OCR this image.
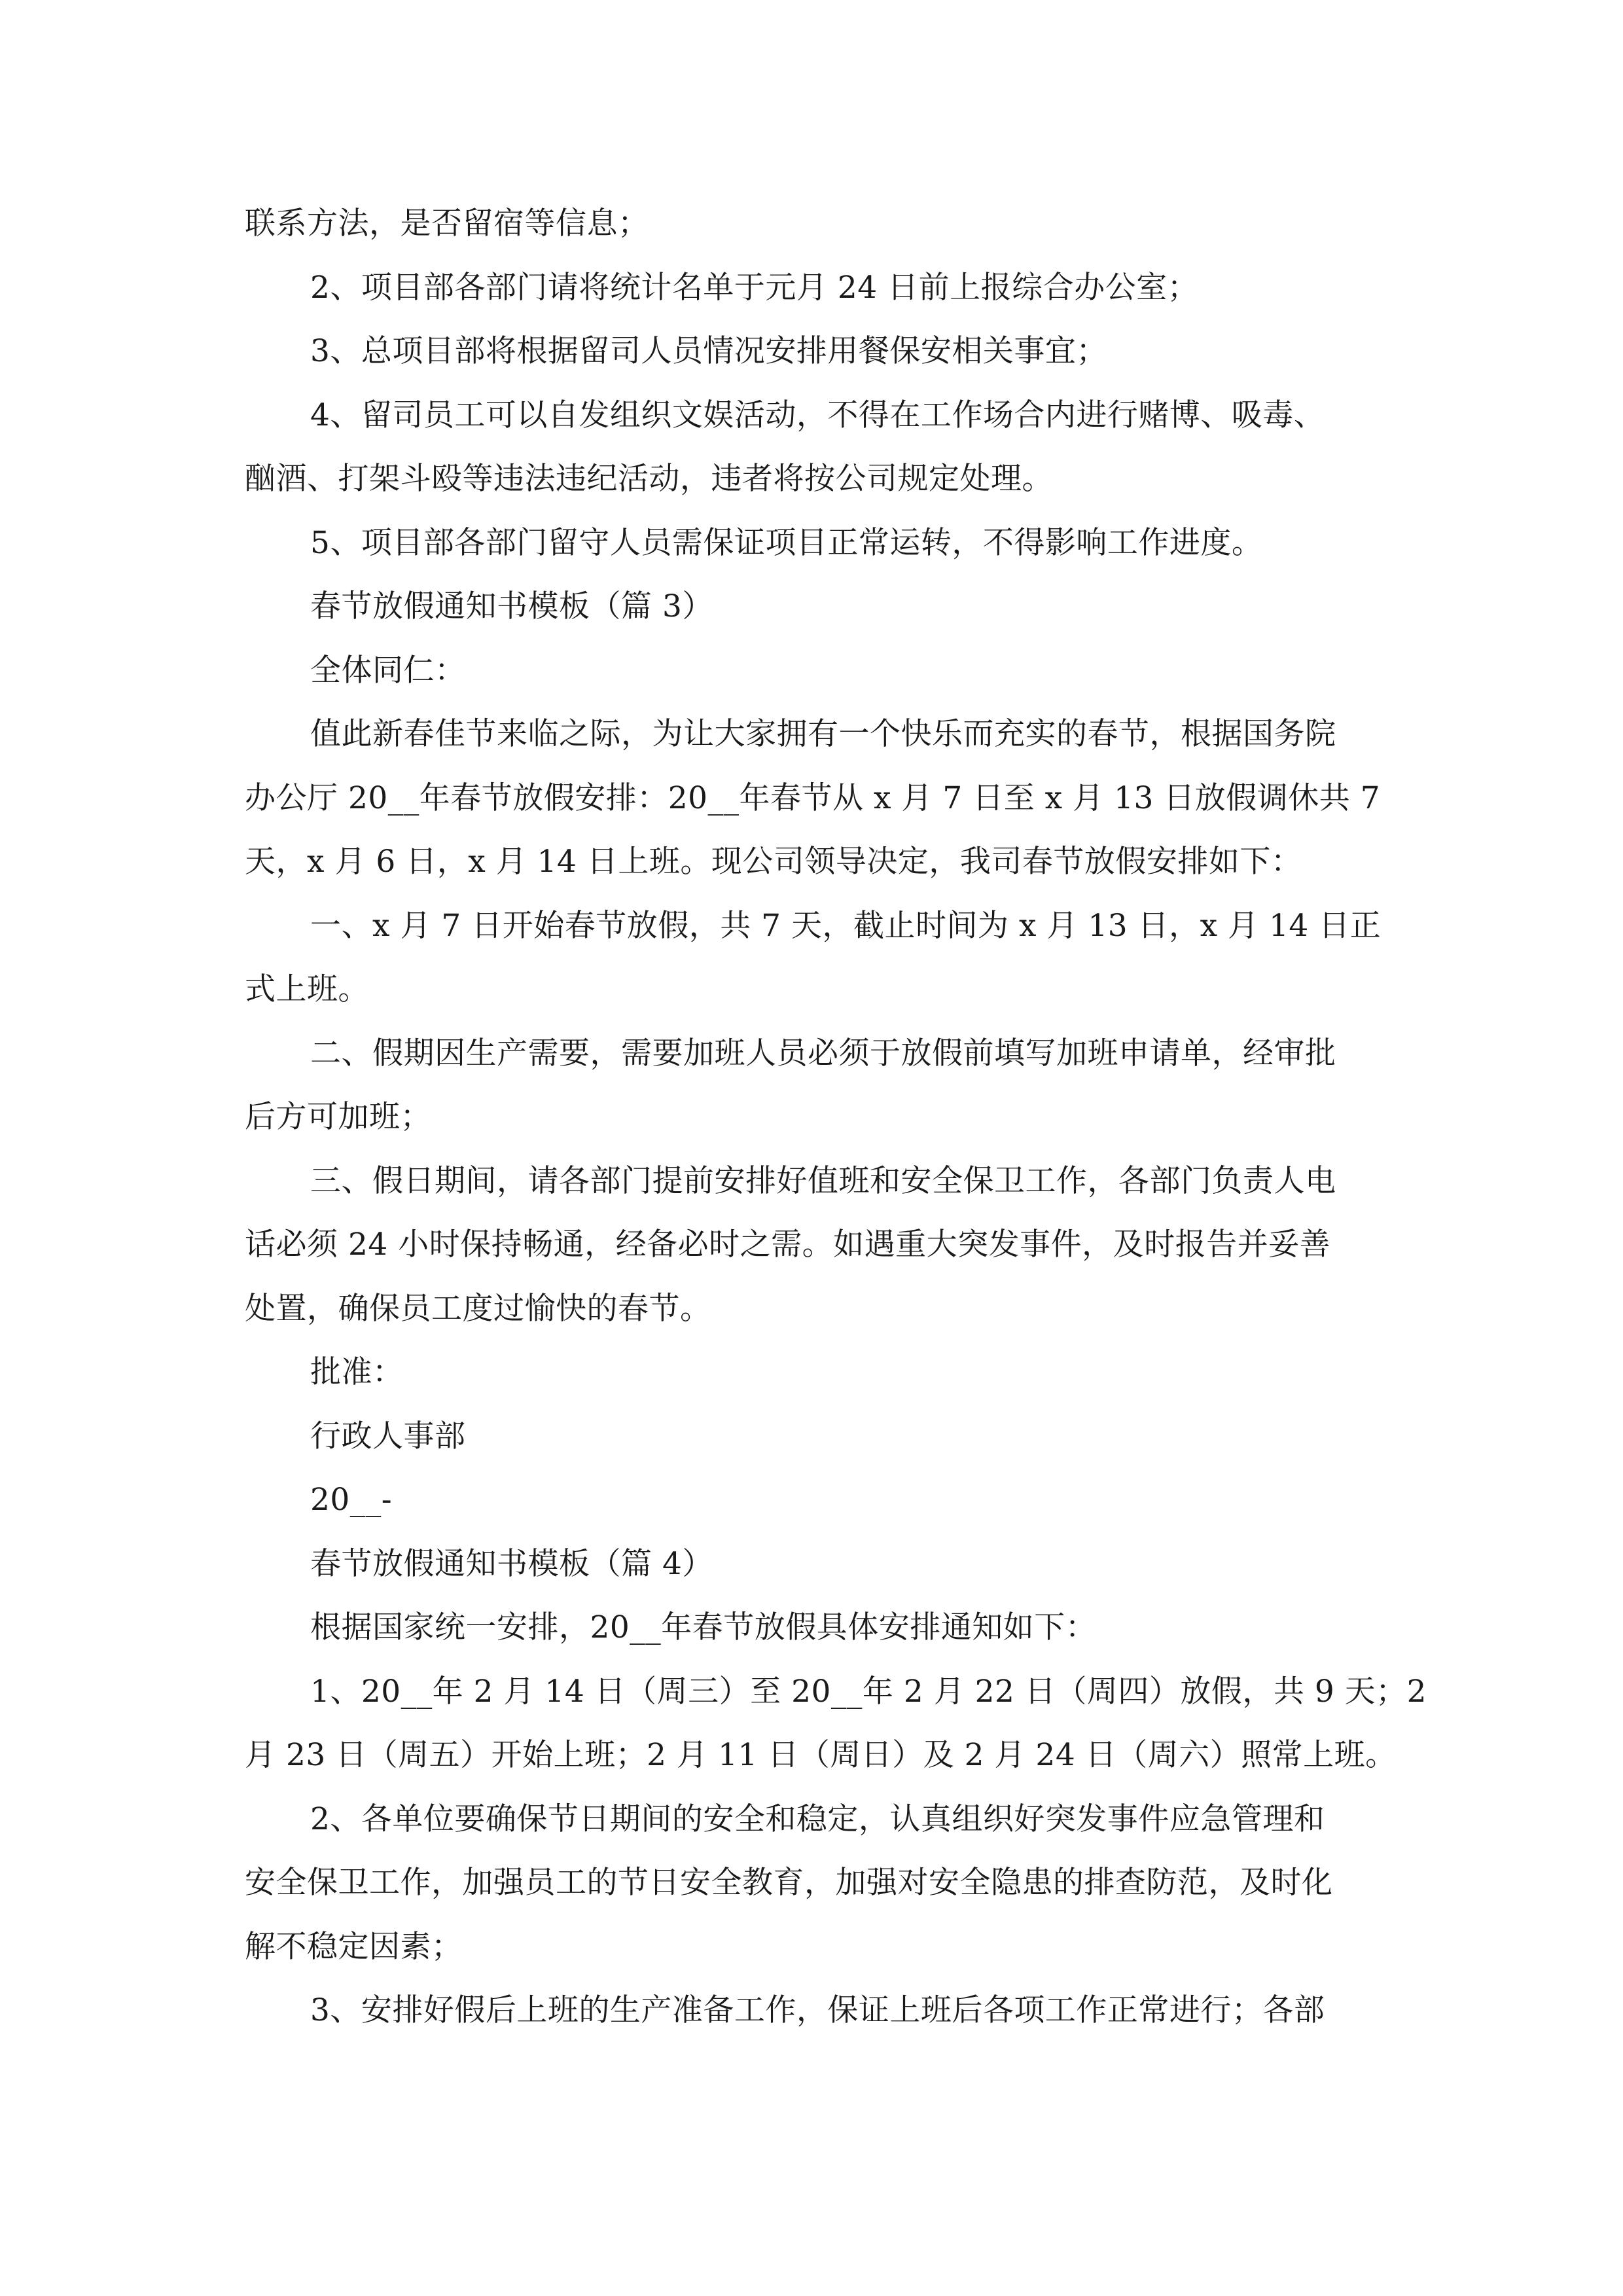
联系方法，是否留宿等信息；
2、项目部各部门请将统计名单于元月 24 日前上报综合办公室；
3、总项目部将根据留司人员情况安排用餐保安相关事宜；
4、留司员工可以自发组织文娱活动，不得在工作场合内进行赌博、吸毒、
酗酒、打架斗殴等违法违纪活动，违者将按公司规定处理。
5、项目部各部门留守人员需保证项目正常运转，不得影响工作进度。
春节放假通知书模板（篇 3）
全体同仁：
值此新春佳节来临之际，为让大家拥有一个快乐而充实的春节，根据国务院
办公厅 20__年春节放假安排：20__年春节从 x 月 7 日至 x 月 13 日放假调休共 7
天，x 月 6 日，x 月 14 日上班。现公司领导决定，我司春节放假安排如下：
一、x 月 7 日开始春节放假，共 7 天，截止时间为 x 月 13 日，x 月 14 日正
式上班。
二、假期因生产需要，需要加班人员必须于放假前填写加班申请单，经审批
后方可加班；
三、假日期间，请各部门提前安排好值班和安全保卫工作，各部门负责人电
话必须 24 小时保持畅通，经备必时之需。如遇重大突发事件，及时报告并妥善
处置，确保员工度过愉快的春节。
批准：
行政人事部
20__-
春节放假通知书模板（篇 4）
根据国家统一安排，20__年春节放假具体安排通知如下：
1、20__年 2 月 14 日（周三）至 20__年 2 月 22 日（周四）放假，共 9 天；2
月 23 日（周五）开始上班；2 月 11 日（周日）及 2 月 24 日（周六）照常上班。
2、各单位要确保节日期间的安全和稳定，认真组织好突发事件应急管理和
安全保卫工作，加强员工的节日安全教育，加强对安全隐患的排查防范，及时化
解不稳定因素；
3、安排好假后上班的生产准备工作，保证上班后各项工作正常进行；各部
